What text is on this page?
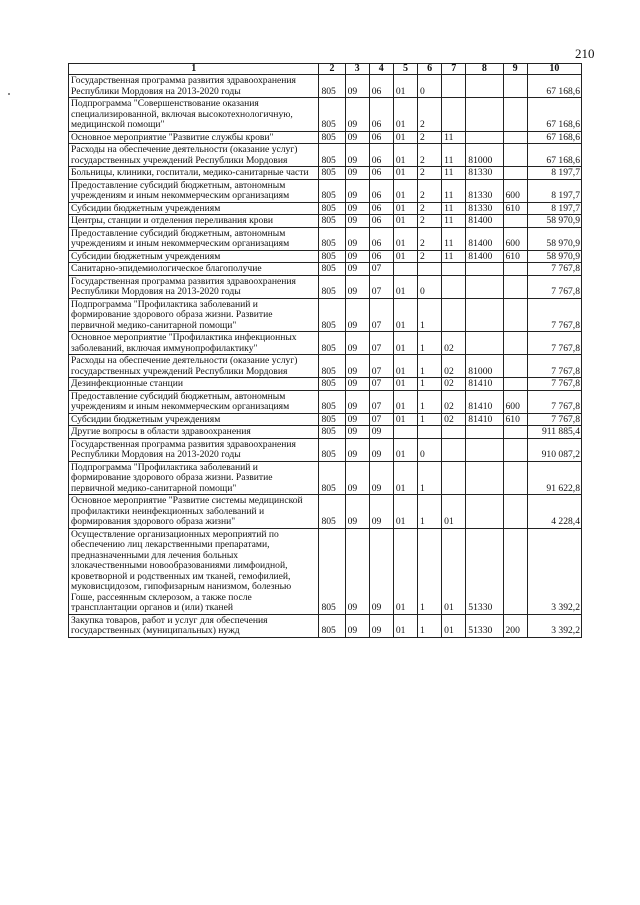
210
1	2	3	4	5	6	7	8	9	10
Государственная программа развития здравоохранения Республики Мордовия на 2013-2020 годы	805	09	06	01	0				67 168,6
Подпрограмма "Совершенствование оказания специализированной, включая высокотехнологичную, медицинской помощи"	805	09	06	01	2				67 168,6
Основное мероприятие "Развитие службы крови"	805	09	06	01	2	11			67 168,6
Расходы на обеспечение деятельности (оказание услуг) государственных учреждений Республики Мордовия	805	09	06	01	2	11	81000		67 168,6
Больницы, клиники, госпитали, медико-санитарные части	805	09	06	01	2	11	81330		8 197,7
Предоставление субсидий бюджетным, автономным учреждениям и иным некоммерческим организациям	805	09	06	01	2	11	81330	600	8 197,7
Субсидии бюджетным учреждениям	805	09	06	01	2	11	81330	610	8 197,7
Центры, станции и отделения переливания крови	805	09	06	01	2	11	81400		58 970,9
Предоставление субсидий бюджетным, автономным учреждениям и иным некоммерческим организациям	805	09	06	01	2	11	81400	600	58 970,9
Субсидии бюджетным учреждениям	805	09	06	01	2	11	81400	610	58 970,9
Санитарно-эпидемиологическое благополучие	805	09	07						7 767,8
Государственная программа развития здравоохранения Республики Мордовия на 2013-2020 годы	805	09	07	01	0				7 767,8
Подпрограмма "Профилактика заболеваний и формирование здорового образа жизни. Развитие первичной медико-санитарной помощи"	805	09	07	01	1				7 767,8
Основное мероприятие "Профилактика инфекционных заболеваний, включая иммунопрофилактику"	805	09	07	01	1	02			7 767,8
Расходы на обеспечение деятельности (оказание услуг) государственных учреждений Республики Мордовия	805	09	07	01	1	02	81000		7 767,8
Дезинфекционные станции	805	09	07	01	1	02	81410		7 767,8
Предоставление субсидий бюджетным, автономным учреждениям и иным некоммерческим организациям	805	09	07	01	1	02	81410	600	7 767,8
Субсидии бюджетным учреждениям	805	09	07	01	1	02	81410	610	7 767,8
Другие вопросы в области здравоохранения	805	09	09						911 885,4
Государственная программа развития здравоохранения Республики Мордовия на 2013-2020 годы	805	09	09	01	0				910 087,2
Подпрограмма "Профилактика заболеваний и формирование здорового образа жизни. Развитие первичной медико-санитарной помощи"	805	09	09	01	1				91 622,8
Основное мероприятие "Развитие системы медицинской профилактики неинфекционных заболеваний и формирования здорового образа жизни"	805	09	09	01	1	01			4 228,4
Осуществление организационных мероприятий по обеспечению лиц лекарственными препаратами, предназначенными для лечения больных злокачественными новообразованиями лимфоидной, кроветворной и родственных им тканей, гемофилией, муковисцидозом, гипофизарным нанизмом, болезнью Гоше, рассеянным склерозом, а также после трансплантации органов и (или) тканей	805	09	09	01	1	01	51330		3 392,2
Закупка товаров, работ и услуг для обеспечения государственных (муниципальных) нужд	805	09	09	01	1	01	51330	200	3 392,2
